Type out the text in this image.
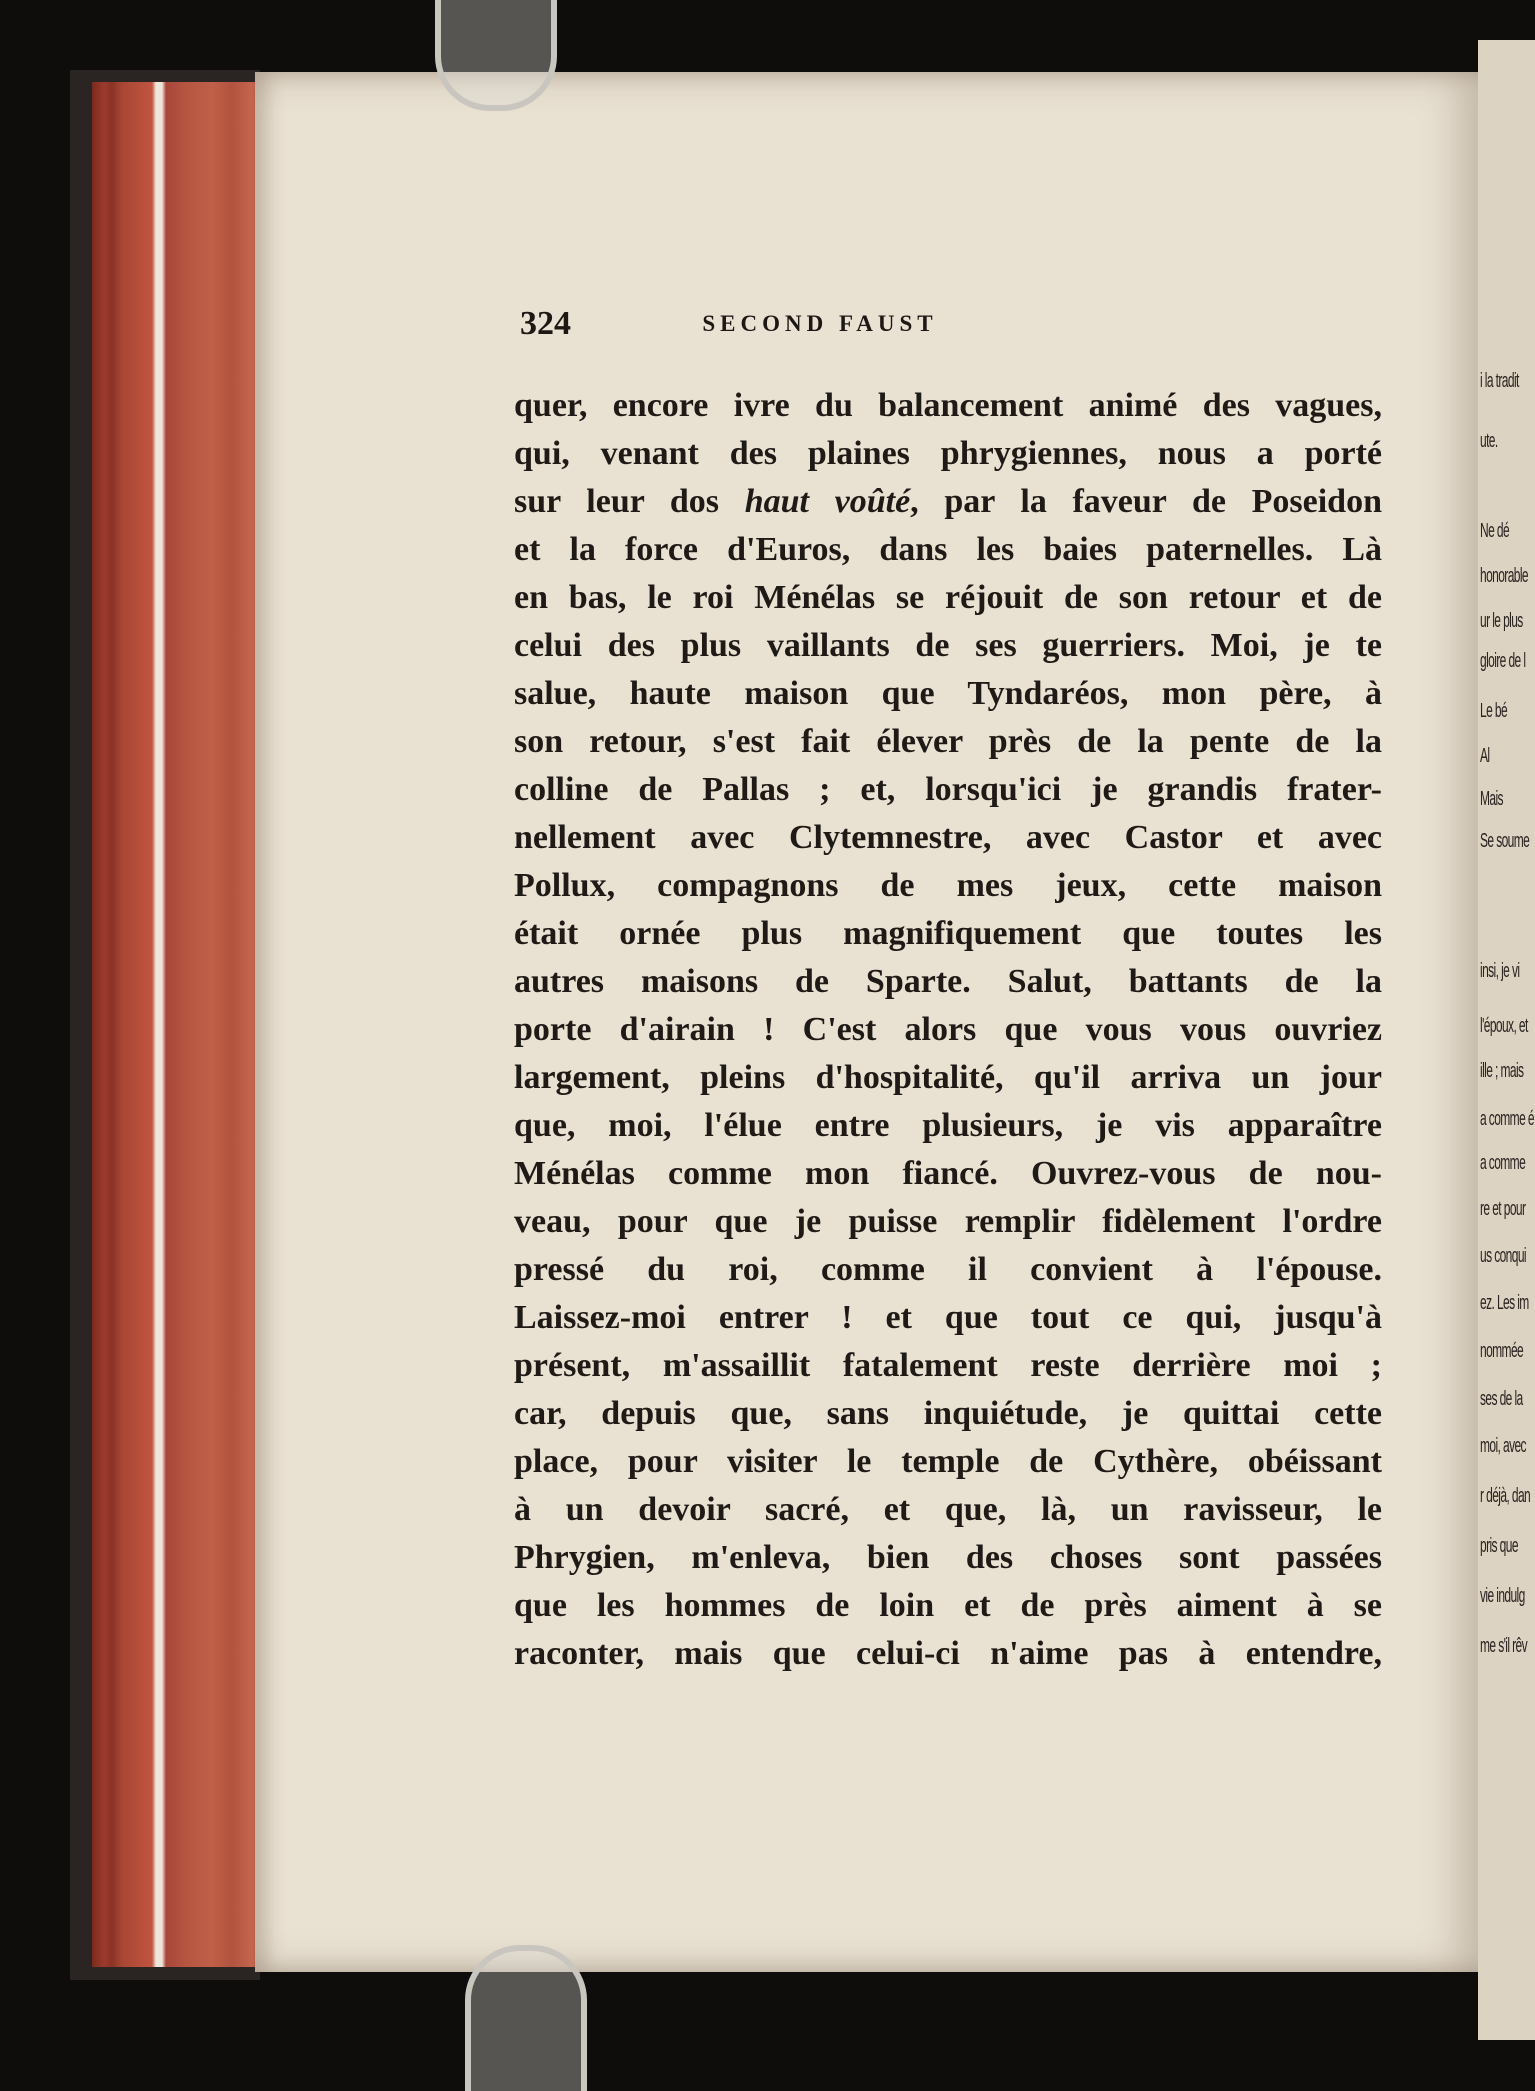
i la tradit
ute.
Ne dé
honorable
ur le plus
gloire de l
Le bé
Al
Mais
Se soume
insi, je vi
l'époux, et
ille ; mais
a comme é
a comme
re et pour
us conqui
ez. Les im
nommée
ses de la
moi, avec
r déjà, dan
pris que
vie indulg
me s'il rêv
324	SECOND FAUST
quer, encore ivre du balancement animé des vagues,
qui, venant des plaines phrygiennes, nous a porté
sur leur dos haut voûté, par la faveur de Poseidon
et la force d'Euros, dans les baies paternelles. Là
en bas, le roi Ménélas se réjouit de son retour et de
celui des plus vaillants de ses guerriers. Moi, je te
salue, haute maison que Tyndaréos, mon père, à
son retour, s'est fait élever près de la pente de la
colline de Pallas ; et, lorsqu'ici je grandis frater-
nellement avec Clytemnestre, avec Castor et avec
Pollux, compagnons de mes jeux, cette maison
était ornée plus magnifiquement que toutes les
autres maisons de Sparte. Salut, battants de la
porte d'airain ! C'est alors que vous vous ouvriez
largement, pleins d'hospitalité, qu'il arriva un jour
que, moi, l'élue entre plusieurs, je vis apparaître
Ménélas comme mon fiancé. Ouvrez-vous de nou-
veau, pour que je puisse remplir fidèlement l'ordre
pressé du roi, comme il convient à l'épouse.
Laissez-moi entrer ! et que tout ce qui, jusqu'à
présent, m'assaillit fatalement reste derrière moi ;
car, depuis que, sans inquiétude, je quittai cette
place, pour visiter le temple de Cythère, obéissant
à un devoir sacré, et que, là, un ravisseur, le
Phrygien, m'enleva, bien des choses sont passées
que les hommes de loin et de près aiment à se
raconter, mais que celui-ci n'aime pas à entendre,
